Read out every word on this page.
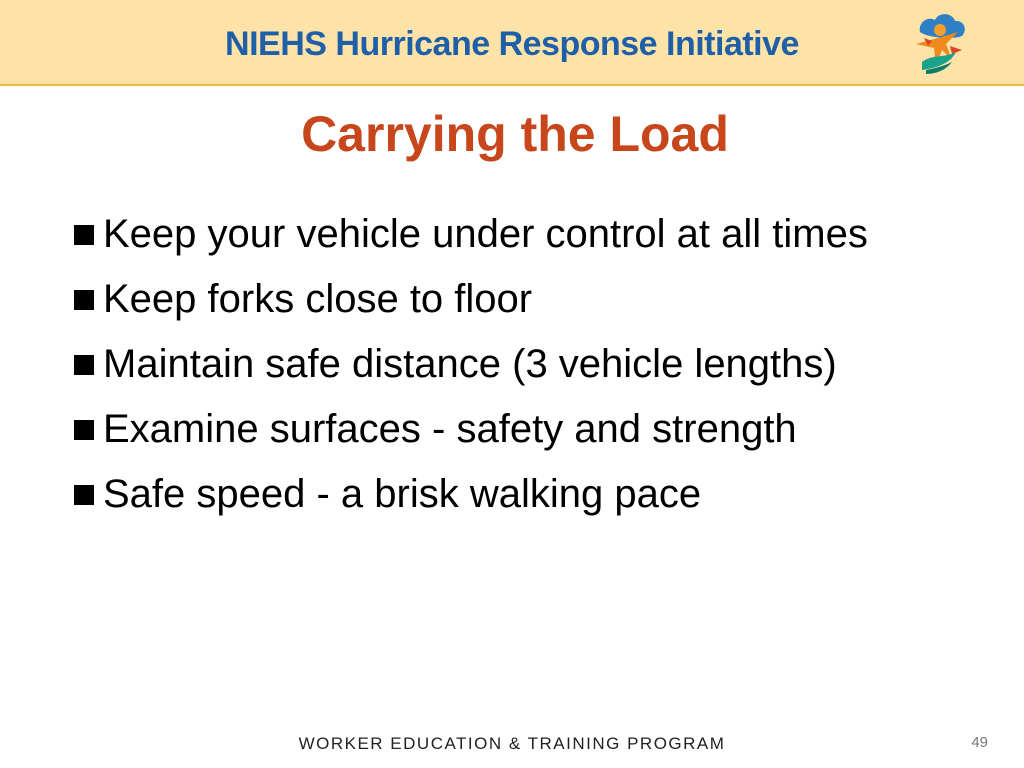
NIEHS Hurricane Response Initiative
Carrying the Load
Keep your vehicle under control at all times
Keep forks close to floor
Maintain safe distance (3 vehicle lengths)
Examine surfaces - safety and strength
Safe speed - a brisk walking pace
WORKER EDUCATION & TRAINING PROGRAM	49
